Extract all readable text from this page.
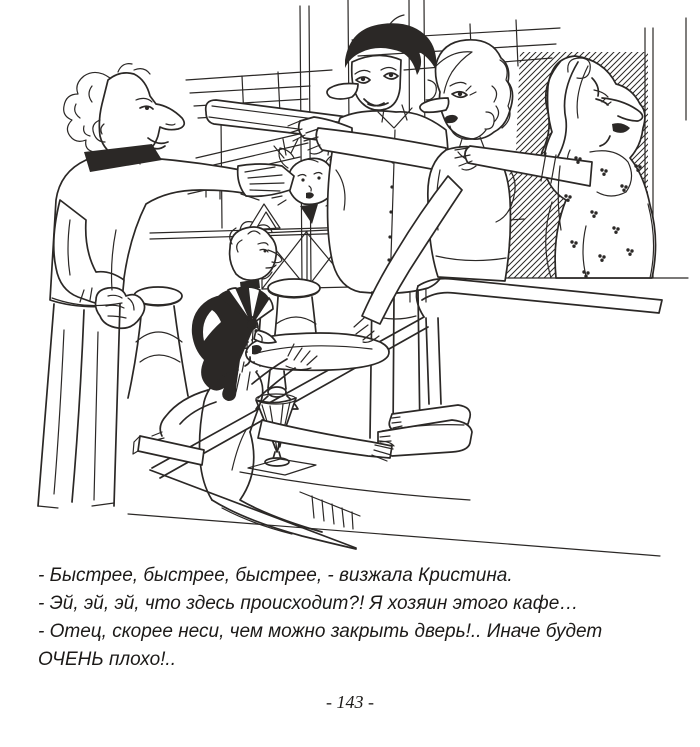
- Быстрее, быстрее, быстрее, - визжала Кристина.

- Эй, эй, эй, что здесь происходит?! Я хозяин этого кафе…

- Отец, скорее неси, чем можно закрыть дверь!.. Иначе будет ОЧЕНЬ плохо!..

- 143 -
